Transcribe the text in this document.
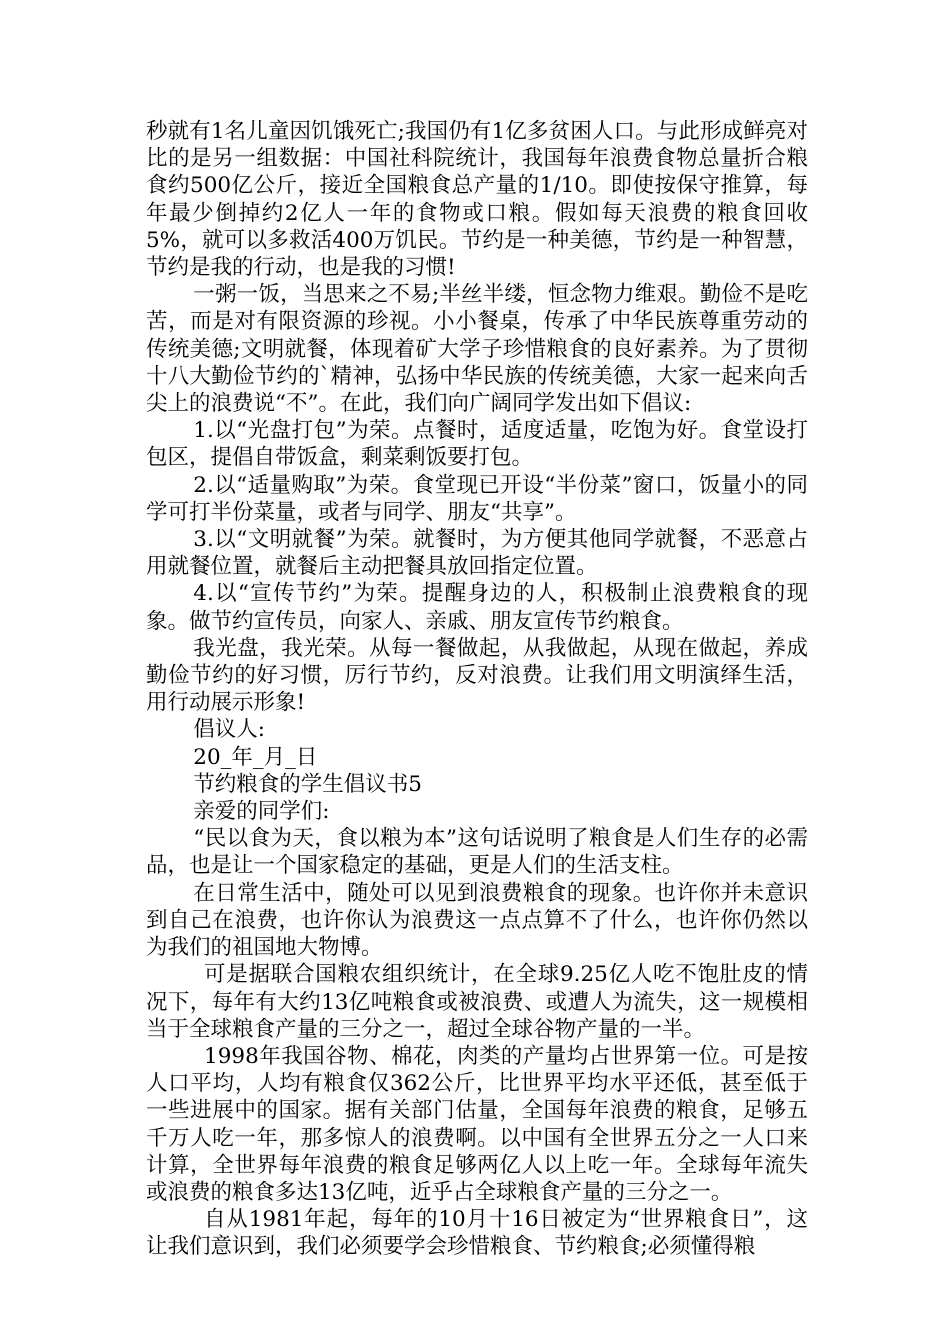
秒就有1名儿童因饥饿死亡;我国仍有1亿多贫困人口。与此形成鲜亮对比的是另一组数据：中国社科院统计，我国每年浪费食物总量折合粮食约500亿公斤，接近全国粮食总产量的1/10。即使按保守推算，每年最少倒掉约2亿人一年的食物或口粮。假如每天浪费的粮食回收5%，就可以多救活400万饥民。节约是一种美德，节约是一种智慧，节约是我的行动，也是我的习惯!

一粥一饭，当思来之不易;半丝半缕，恒念物力维艰。勤俭不是吃苦，而是对有限资源的珍视。小小餐桌，传承了中华民族尊重劳动的传统美德;文明就餐，体现着矿大学子珍惜粮食的良好素养。为了贯彻十八大勤俭节约的`精神，弘扬中华民族的传统美德，大家一起来向舌尖上的浪费说“不”。在此，我们向广阔同学发出如下倡议:

1.以“光盘打包”为荣。点餐时，适度适量，吃饱为好。食堂设打包区，提倡自带饭盒，剩菜剩饭要打包。

2.以“适量购取”为荣。食堂现已开设“半份菜”窗口，饭量小的同学可打半份菜量，或者与同学、朋友“共享”。

3.以“文明就餐”为荣。就餐时，为方便其他同学就餐，不恶意占用就餐位置，就餐后主动把餐具放回指定位置。

4.以“宣传节约”为荣。提醒身边的人，积极制止浪费粮食的现象。做节约宣传员，向家人、亲戚、朋友宣传节约粮食。

我光盘，我光荣。从每一餐做起，从我做起，从现在做起，养成勤俭节约的好习惯，厉行节约，反对浪费。让我们用文明演绎生活，用行动展示形象!

倡议人:

20_年_月_日

节约粮食的学生倡议书5

亲爱的同学们:

“民以食为天，食以粮为本”这句话说明了粮食是人们生存的必需品，也是让一个国家稳定的基础，更是人们的生活支柱。

在日常生活中，随处可以见到浪费粮食的现象。也许你并未意识到自己在浪费，也许你认为浪费这一点点算不了什么，也许你仍然以为我们的祖国地大物博。

可是据联合国粮农组织统计，在全球9.25亿人吃不饱肚皮的情况下，每年有大约13亿吨粮食或被浪费、或遭人为流失，这一规模相当于全球粮食产量的三分之一，超过全球谷物产量的一半。

1998年我国谷物、棉花，肉类的产量均占世界第一位。可是按人口平均，人均有粮食仅362公斤，比世界平均水平还低，甚至低于一些进展中的国家。据有关部门估量，全国每年浪费的粮食，足够五千万人吃一年，那多惊人的浪费啊。以中国有全世界五分之一人口来计算，全世界每年浪费的粮食足够两亿人以上吃一年。全球每年流失或浪费的粮食多达13亿吨，近乎占全球粮食产量的三分之一。

自从1981年起，每年的10月十16日被定为“世界粮食日”，这让我们意识到，我们必须要学会珍惜粮食、节约粮食;必须懂得粮
